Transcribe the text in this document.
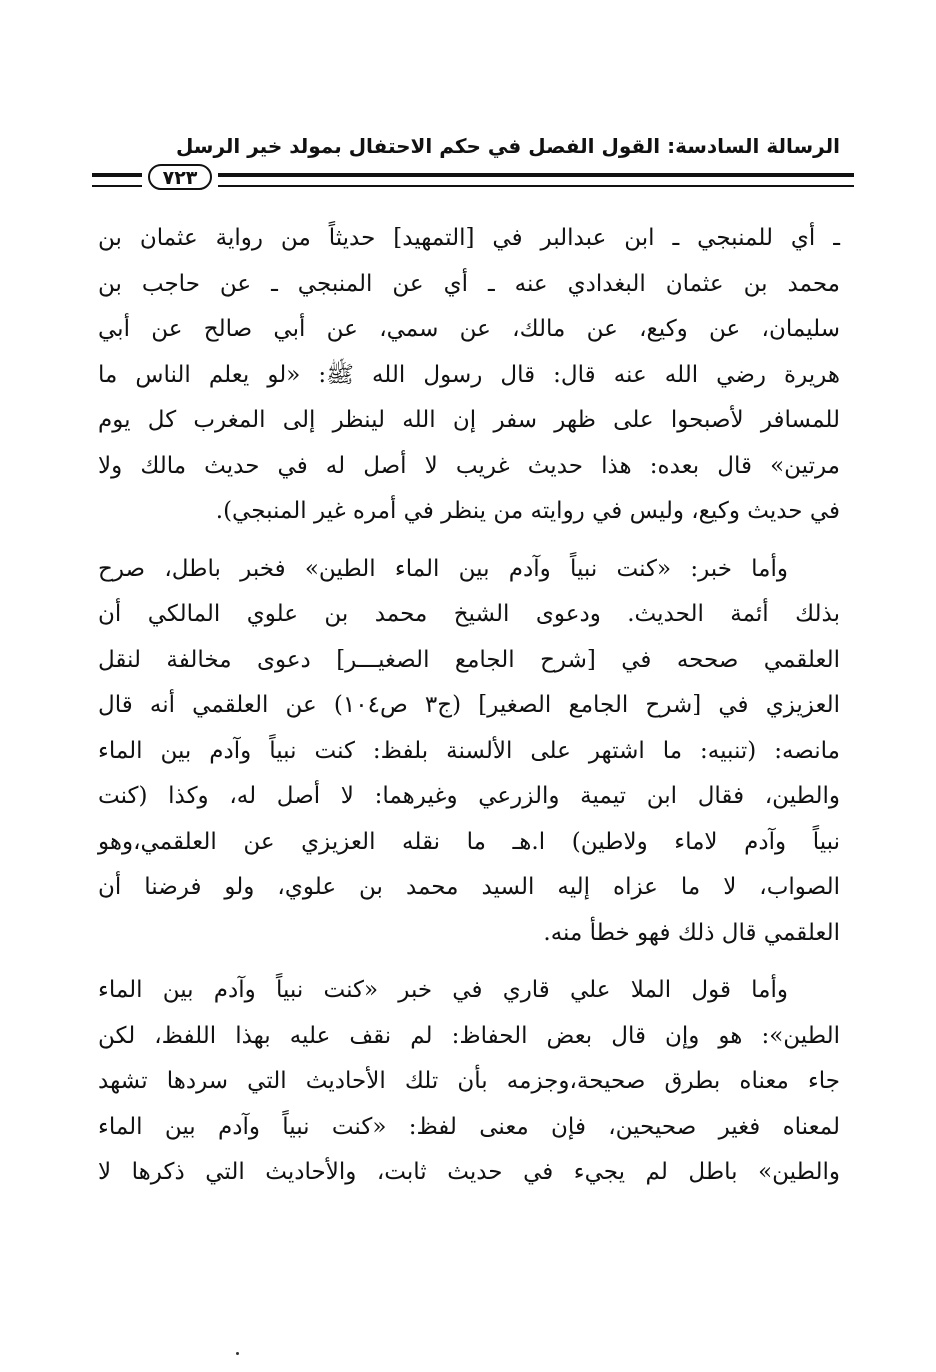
الرسالة السادسة: القول الفصل في حكم الاحتفال بمولد خير الرسل
٧٢٣

ـ أي للمنبجي ـ ابن عبدالبر في [التمهيد] حديثاً من رواية عثمان بن
محمد بن عثمان البغدادي عنه ـ أي عن المنبجي ـ عن حاجب بن
سليمان، عن وكيع، عن مالك، عن سمي، عن أبي صالح عن أبي
هريرة رضي الله عنه قال: قال رسول الله ﷺ: «لو يعلم الناس ما
للمسافر لأصبحوا على ظهر سفر إن الله لينظر إلى المغرب كل يوم
مرتين» قال بعده: هذا حديث غريب لا أصل له في حديث مالك ولا
في حديث وكيع، وليس في روايته من ينظر في أمره غير المنبجي).

وأما خبر: «كنت نبياً وآدم بين الماء الطين» فخبر باطل، صرح
بذلك أئمة الحديث. ودعوى الشيخ محمد بن علوي المالكي أن
العلقمي صححه في [شرح الجامع الصغيـــر] دعوى مخالفة لنقل
العزيزي في [شرح الجامع الصغير] (ج٣ ص١٠٤) عن العلقمي أنه قال
مانصه: (تنبيه: ما اشتهر على الألسنة بلفظ: كنت نبياً وآدم بين الماء
والطين، فقال ابن تيمية والزرعي وغيرهما: لا أصل له، وكذا (كنت
نبياً وآدم لاماء ولاطين) ا.هـ ما نقله العزيزي عن العلقمي،وهو
الصواب، لا ما عزاه إليه السيد محمد بن علوي، ولو فرضنا أن
العلقمي قال ذلك فهو خطأ منه.

وأما قول الملا علي قاري في خبر «كنت نبياً وآدم بين الماء
الطين»: هو وإن قال بعض الحفاظ: لم نقف عليه بهذا اللفظ، لكن
جاء معناه بطرق صحيحة،وجزمه بأن تلك الأحاديث التي سردها تشهد
لمعناه فغير صحيحين، فإن معنى لفظ: «كنت نبياً وآدم بين الماء
والطين» باطل لم يجيء في حديث ثابت، والأحاديث التي ذكرها لا
